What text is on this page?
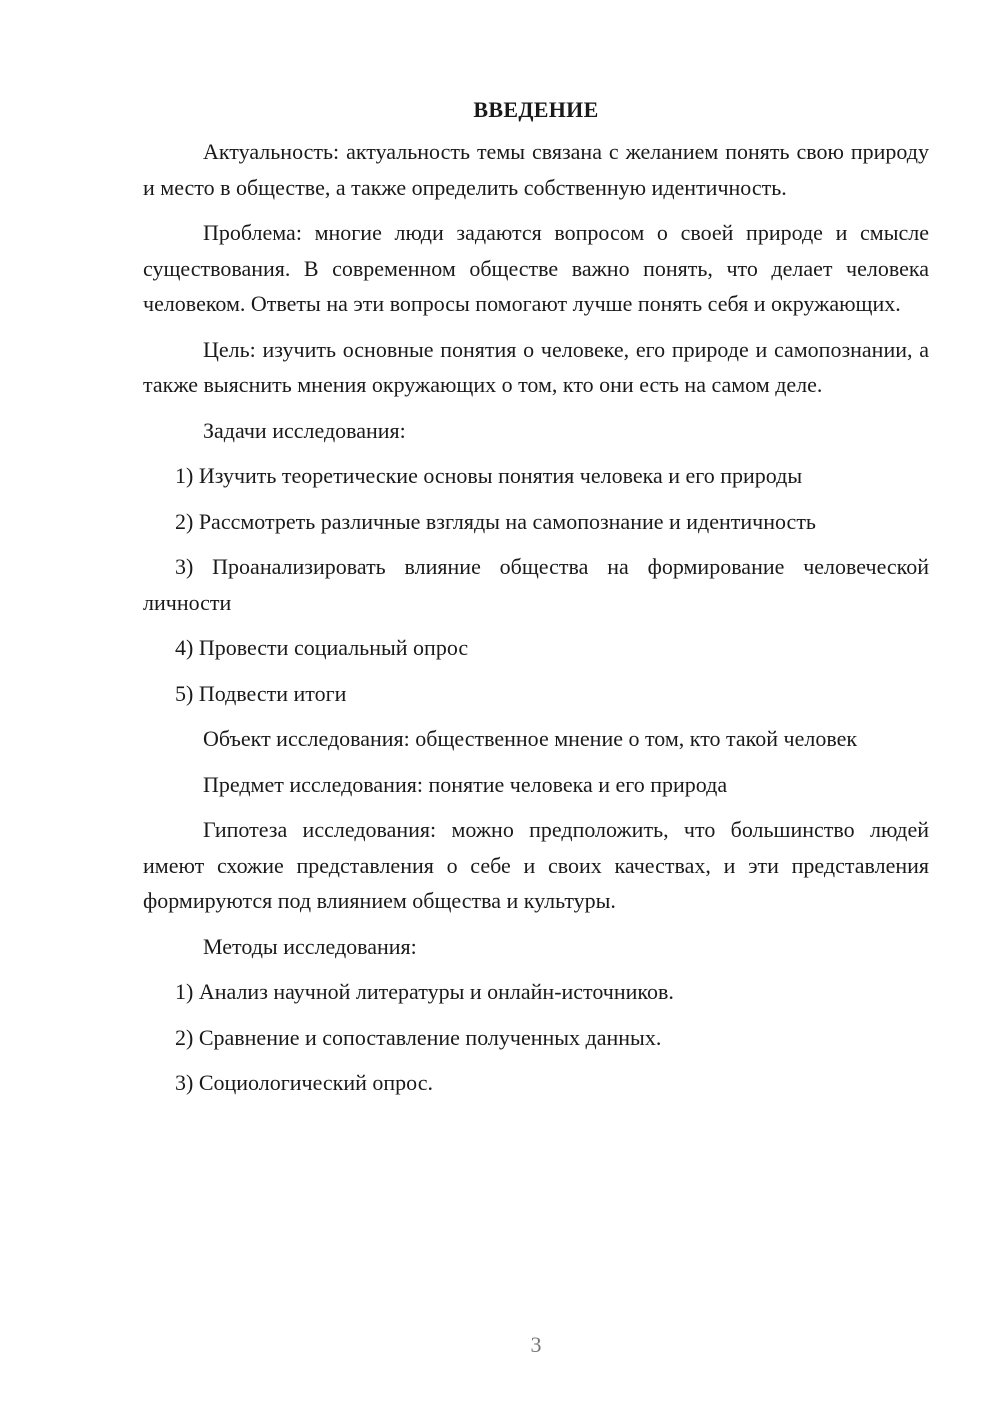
ВВЕДЕНИЕ

Актуальность: актуальность темы связана с желанием понять свою природу и место в обществе, а также определить собственную идентичность.

Проблема: многие люди задаются вопросом о своей природе и смысле существования. В современном обществе важно понять, что делает человека человеком. Ответы на эти вопросы помогают лучше понять себя и окружающих.

Цель: изучить основные понятия о человеке, его природе и самопознании, а также выяснить мнения окружающих о том, кто они есть на самом деле.

Задачи исследования:

1) Изучить теоретические основы понятия человека и его природы

2) Рассмотреть различные взгляды на самопознание и идентичность

3) Проанализировать влияние общества на формирование человеческой личности

4) Провести социальный опрос

5) Подвести итоги

Объект исследования: общественное мнение о том, кто такой человек

Предмет исследования: понятие человека и его природа

Гипотеза исследования: можно предположить, что большинство людей имеют схожие представления о себе и своих качествах, и эти представления формируются под влиянием общества и культуры.

Методы исследования:

1) Анализ научной литературы и онлайн-источников.

2) Сравнение и сопоставление полученных данных.

3) Социологический опрос.

3
